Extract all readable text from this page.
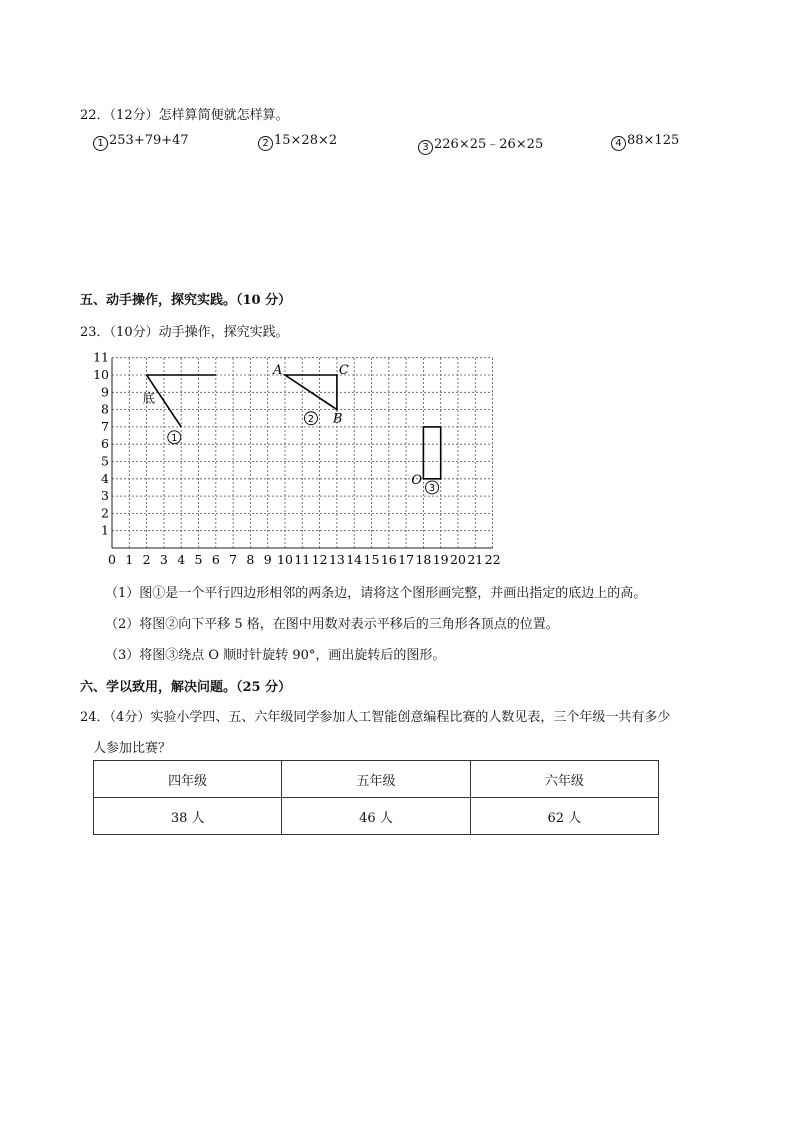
22．（12分）怎样算简便就怎样算。
1 253+79+47	2 15×28×2	3 226×25﹣26×25	4 88×125
五、动手操作，探究实践。（10 分）
23．（10分）动手操作，探究实践。
0 1 2 3 4 5 6 7 8 9 10 11 12 13 14 15 16 17 18 19 20 21 22
1
2
3
4
5
6
7
8
9
10
11
底
1
A	C
B
2
O
3
（1）图①是一个平行四边形相邻的两条边，请将这个图形画完整，并画出指定的底边上的高。
（2）将图②向下平移 5 格，在图中用数对表示平移后的三角形各顶点的位置。
（3）将图③绕点 O 顺时针旋转 90°，画出旋转后的图形。
六、学以致用，解决问题。（25 分）
24．（4分）实验小学四、五、六年级同学参加人工智能创意编程比赛的人数见表，三个年级一共有多少
人参加比赛？
四年级	五年级	六年级
38 人	46 人	62 人
